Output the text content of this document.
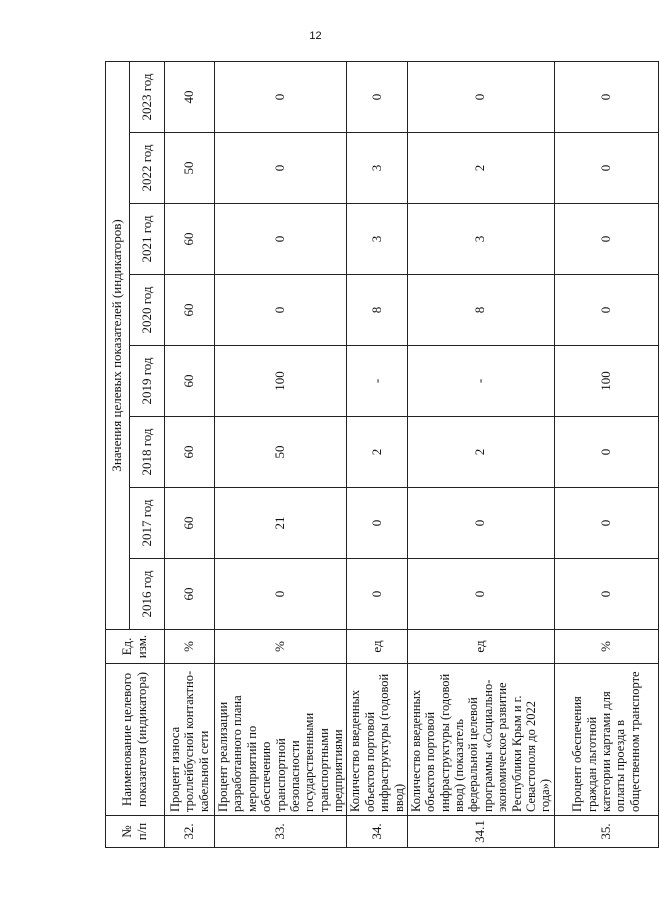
12
№ п/п	Наименование целевого показателя (индикатора)	Ед. изм.	Значения целевых показателей (индикаторов)							
			2016 год	2017 год	2018 год	2019 год	2020 год	2021 год	2022 год	2023 год
32.	Процент износа троллейбусной контактно-кабельной сети	%	60	60	60	60	60	60	50	40
33.	Процент реализации разработанного плана мероприятий по обеспечению транспортной безопасности государственными транспортными предприятиями	%	0	21	50	100	0	0	0	0
34.	Количество введенных объектов портовой инфраструктуры (годовой ввод)	ед	0	0	2	-	8	3	3	0
34.1	Количество введенных объектов портовой инфраструктуры (годовой ввод) (показатель федеральной целевой программы «Социально-экономическое развитие Республики Крым и г. Севастополя до 2022 года»)	ед	0	0	2	-	8	3	2	0
35.	Процент обеспечения граждан льготной категории картами для оплаты проезда в общественном транспорте	%	0	0	0	100	0	0	0	0
